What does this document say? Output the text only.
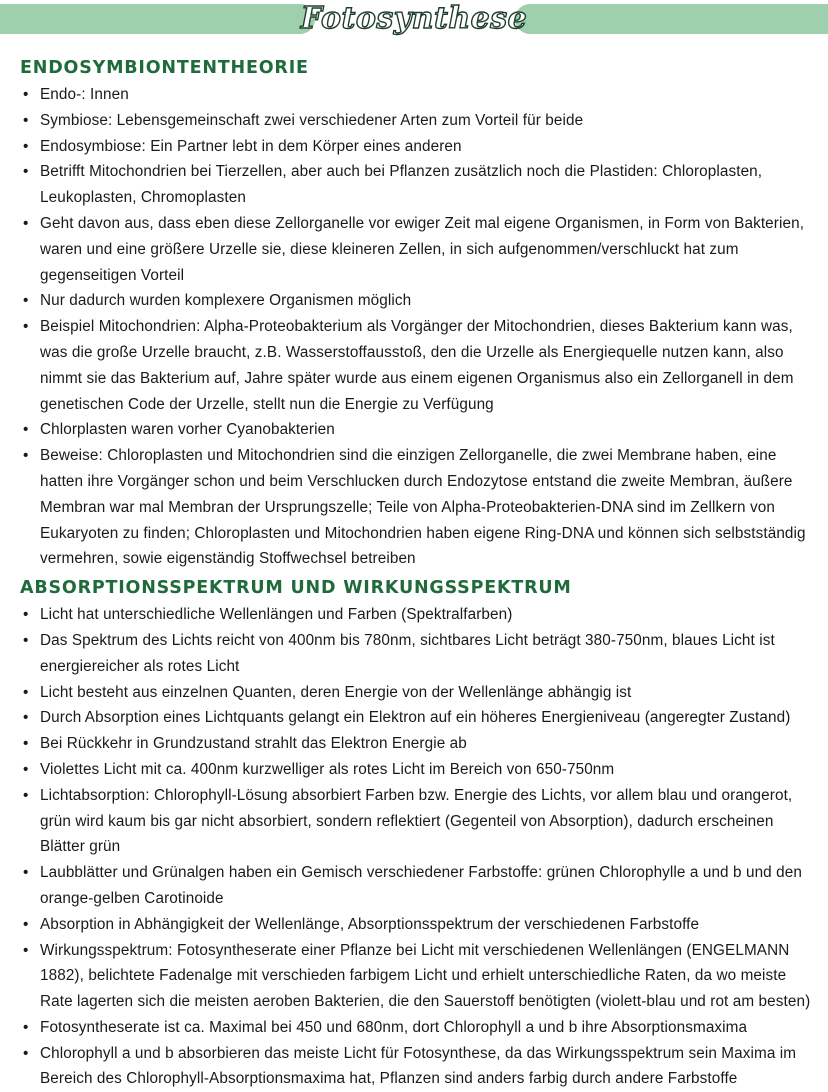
Fotosynthese
ENDOSYMBIONTENTHEORIE
• Endo-: Innen
• Symbiose: Lebensgemeinschaft zwei verschiedener Arten zum Vorteil für beide
• Endosymbiose: Ein Partner lebt in dem Körper eines anderen
• Betrifft Mitochondrien bei Tierzellen, aber auch bei Pflanzen zusätzlich noch die Plastiden: Chloroplasten, Leukoplasten, Chromoplasten
• Geht davon aus, dass eben diese Zellorganelle vor ewiger Zeit mal eigene Organismen, in Form von Bakterien, waren und eine größere Urzelle sie, diese kleineren Zellen, in sich aufgenommen/verschluckt hat zum gegenseitigen Vorteil
• Nur dadurch wurden komplexere Organismen möglich
• Beispiel Mitochondrien: Alpha-Proteobakterium als Vorgänger der Mitochondrien, dieses Bakterium kann was, was die große Urzelle braucht, z.B. Wasserstoffausstoß, den die Urzelle als Energiequelle nutzen kann, also nimmt sie das Bakterium auf, Jahre später wurde aus einem eigenen Organismus also ein Zellorganell in dem genetischen Code der Urzelle, stellt nun die Energie zu Verfügung
• Chlorplasten waren vorher Cyanobakterien
• Beweise: Chloroplasten und Mitochondrien sind die einzigen Zellorganelle, die zwei Membrane haben, eine hatten ihre Vorgänger schon und beim Verschlucken durch Endozytose entstand die zweite Membran, äußere Membran war mal Membran der Ursprungszelle; Teile von Alpha-Proteobakterien-DNA sind im Zellkern von Eukaryoten zu finden; Chloroplasten und Mitochondrien haben eigene Ring-DNA und können sich selbstständig vermehren, sowie eigenständig Stoffwechsel betreiben
ABSORPTIONSSPEKTRUM UND WIRKUNGSSPEKTRUM
• Licht hat unterschiedliche Wellenlängen und Farben (Spektralfarben)
• Das Spektrum des Lichts reicht von 400nm bis 780nm, sichtbares Licht beträgt 380-750nm, blaues Licht ist energiereicher als rotes Licht
• Licht besteht aus einzelnen Quanten, deren Energie von der Wellenlänge abhängig ist
• Durch Absorption eines Lichtquants gelangt ein Elektron auf ein höheres Energieniveau (angeregter Zustand)
• Bei Rückkehr in Grundzustand strahlt das Elektron Energie ab
• Violettes Licht mit ca. 400nm kurzwelliger als rotes Licht im Bereich von 650-750nm
• Lichtabsorption: Chlorophyll-Lösung absorbiert Farben bzw. Energie des Lichts, vor allem blau und orangerot, grün wird kaum bis gar nicht absorbiert, sondern reflektiert (Gegenteil von Absorption), dadurch erscheinen Blätter grün
• Laubblätter und Grünalgen haben ein Gemisch verschiedener Farbstoffe: grünen Chlorophylle a und b und den orange-gelben Carotinoide
• Absorption in Abhängigkeit der Wellenlänge, Absorptionsspektrum der verschiedenen Farbstoffe
• Wirkungsspektrum: Fotosyntheserate einer Pflanze bei Licht mit verschiedenen Wellenlängen (ENGELMANN 1882), belichtete Fadenalge mit verschieden farbigem Licht und erhielt unterschiedliche Raten, da wo meiste Rate lagerten sich die meisten aeroben Bakterien, die den Sauerstoff benötigten (violett-blau und rot am besten)
• Fotosyntheserate ist ca. Maximal bei 450 und 680nm, dort Chlorophyll a und b ihre Absorptionsmaxima
• Chlorophyll a und b absorbieren das meiste Licht für Fotosynthese, da das Wirkungsspektrum sein Maxima im Bereich des Chlorophyll-Absorptionsmaxima hat, Pflanzen sind anders farbig durch andere Farbstoffe
